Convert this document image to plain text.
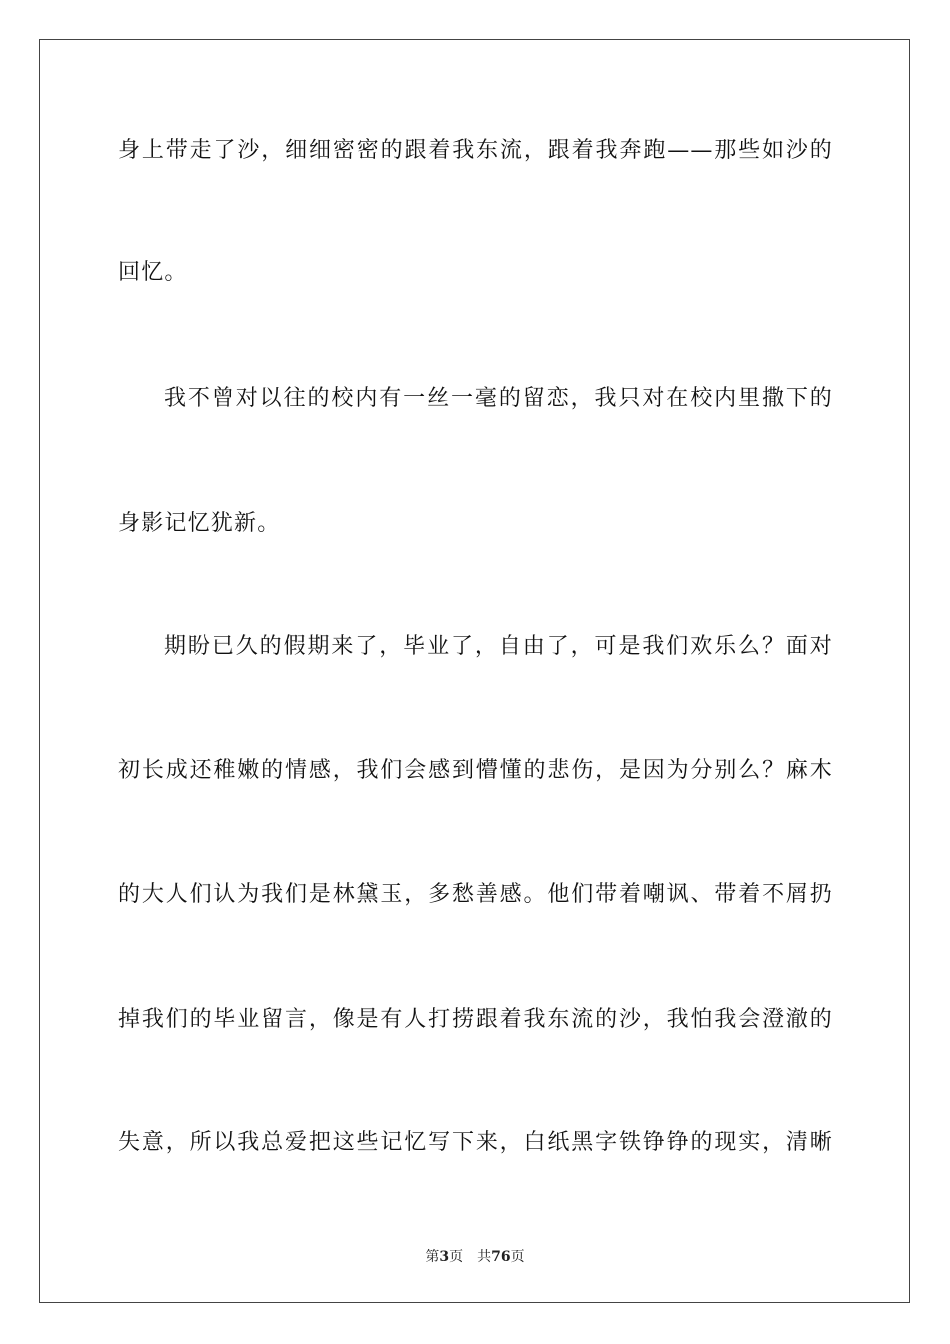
身上带走了沙，细细密密的跟着我东流，跟着我奔跑——那些如沙的
回忆。
我不曾对以往的校内有一丝一毫的留恋，我只对在校内里撒下的
身影记忆犹新。
期盼已久的假期来了，毕业了，自由了，可是我们欢乐么？面对
初长成还稚嫩的情感，我们会感到懵懂的悲伤，是因为分别么？麻木
的大人们认为我们是林黛玉，多愁善感。他们带着嘲讽、带着不屑扔
掉我们的毕业留言，像是有人打捞跟着我东流的沙，我怕我会澄澈的
失意，所以我总爱把这些记忆写下来，白纸黑字铁铮铮的现实，清晰
第3页 共76页
